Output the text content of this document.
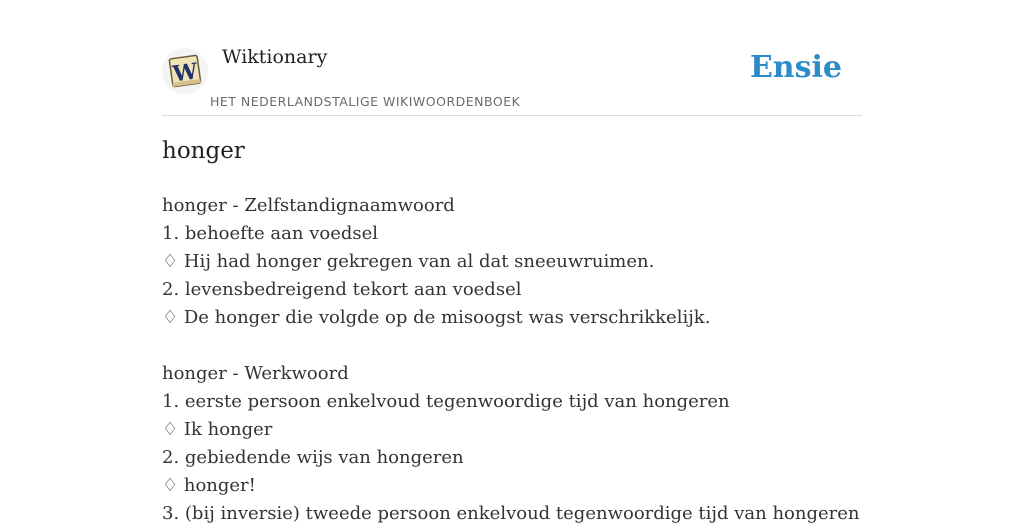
W
Wiktionary
HET NEDERLANDSTALIGE WIKIWOORDENBOEK
Ensie
honger
honger - Zelfstandignaamwoord
1. behoefte aan voedsel
♢ Hij had honger gekregen van al dat sneeuwruimen.
2. levensbedreigend tekort aan voedsel
♢ De honger die volgde op de misoogst was verschrikkelijk.
honger - Werkwoord
1. eerste persoon enkelvoud tegenwoordige tijd van hongeren
♢ Ik honger
2. gebiedende wijs van hongeren
♢ honger!
3. (bij inversie) tweede persoon enkelvoud tegenwoordige tijd van hongeren
